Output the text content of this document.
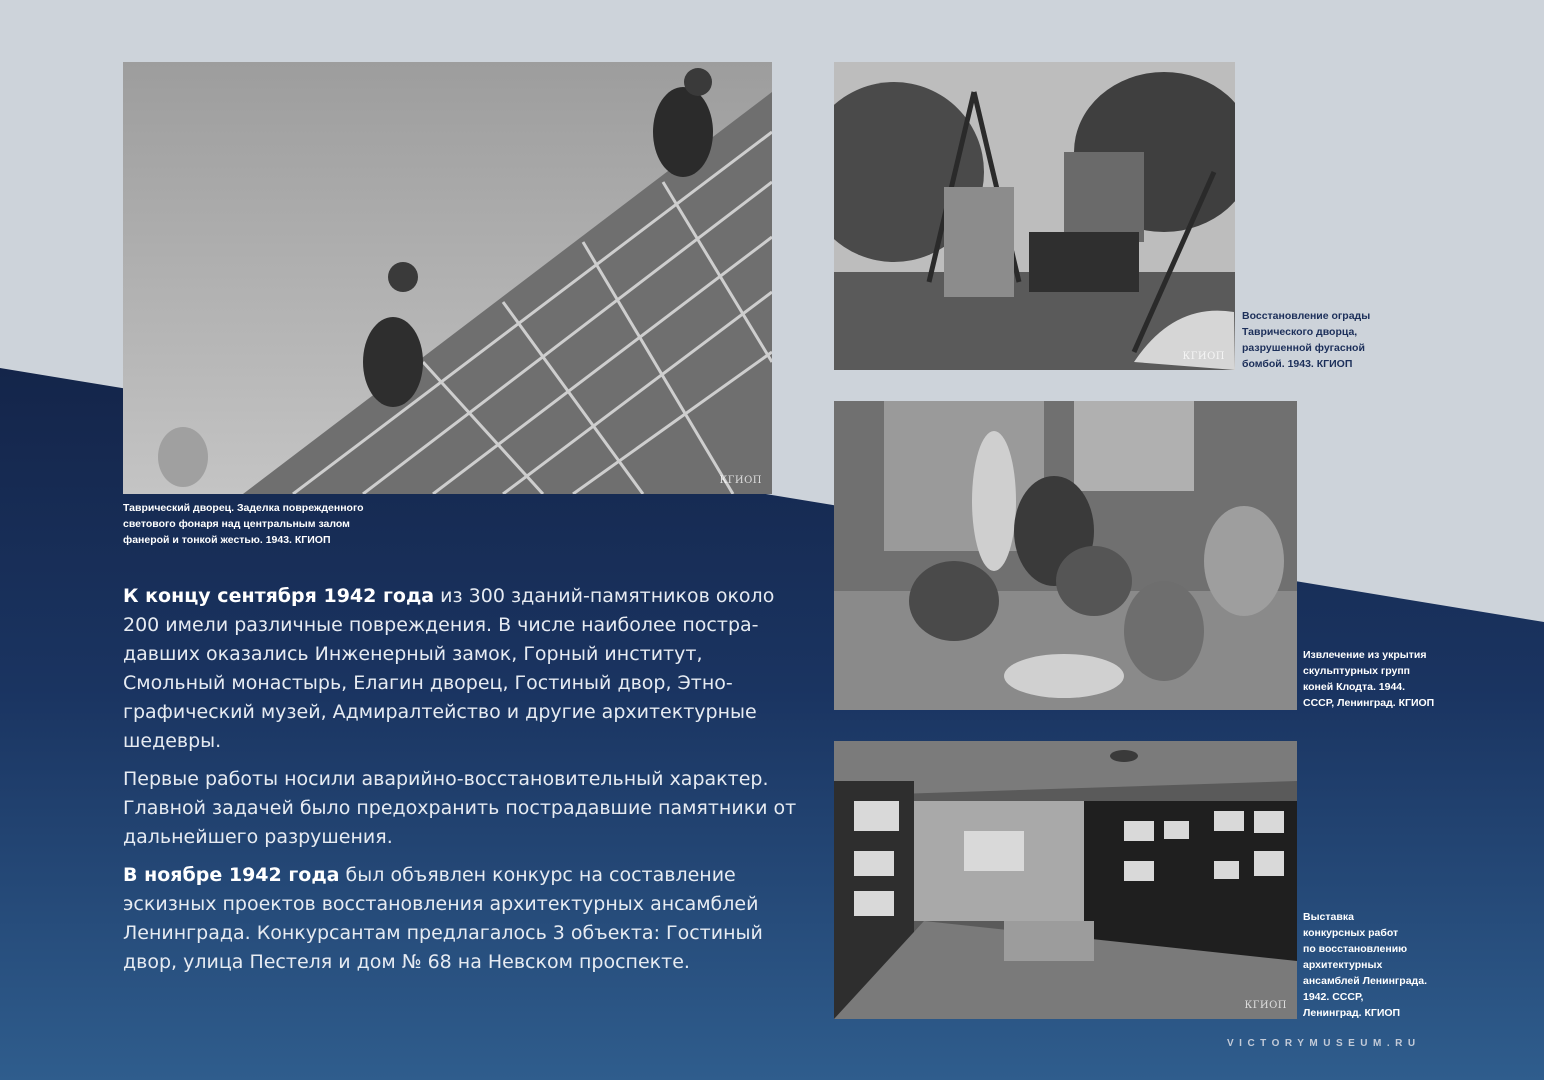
КГИОП
Таврический дворец. Заделка поврежденного
светового фонаря над центральным залом
фанерой и тонкой жестью. 1943. КГИОП
КГИОП
Восстановление ограды
Таврического дворца,
разрушенной фугасной
бомбой. 1943. КГИОП
Извлечение из укрытия
скульптурных групп
коней Клодта. 1944.
СССР, Ленинград. КГИОП
КГИОП
Выставка
конкурсных работ
по восстановлению
архитектурных
ансамблей Ленинграда.
1942. СССР,
Ленинград. КГИОП

К концу сентября 1942 года из 300 зданий-памятников около 200 имели различные повреждения. В числе наиболее постра-давших оказались Инженерный замок, Горный институт, Смольный монастырь, Елагин дворец, Гостиный двор, Этно-графический музей, Адмиралтейство и другие архитектурные шедевры.

Первые работы носили аварийно-восстановительный характер. Главной задачей было предохранить пострадавшие памятники от дальнейшего разрушения.

В ноябре 1942 года был объявлен конкурс на составление эскизных проектов восстановления архитектурных ансамблей Ленинграда. Конкурсантам предлагалось 3 объекта: Гостиный двор, улица Пестеля и дом № 68 на Невском проспекте.

VICTORYMUSEUM.RU
